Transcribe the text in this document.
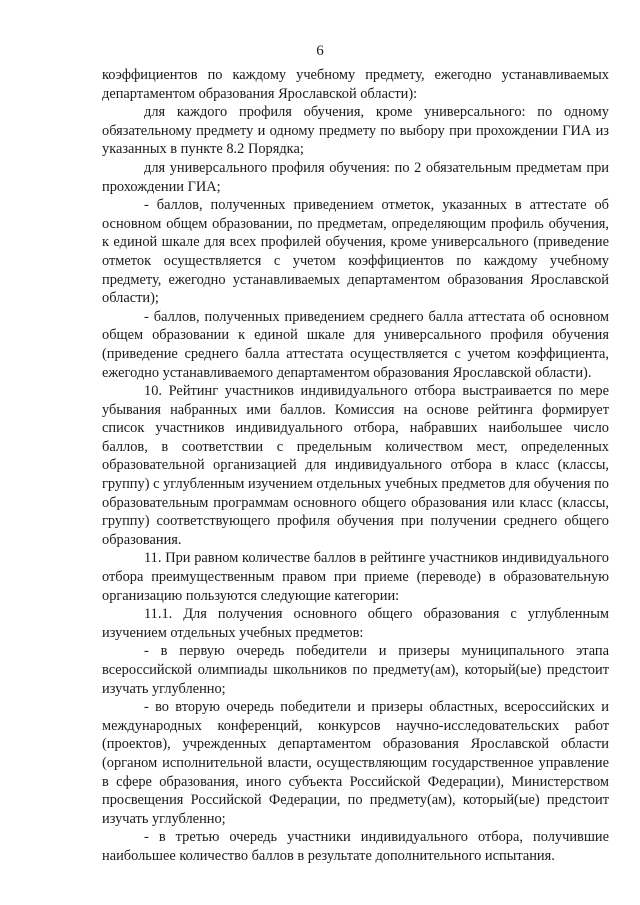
6

коэффициентов по каждому учебному предмету, ежегодно устанавливаемых департаментом образования Ярославской области):

для каждого профиля обучения, кроме универсального: по одному обязательному предмету и одному предмету по выбору при прохождении ГИА из указанных в пункте 8.2 Порядка;

для универсального профиля обучения: по 2 обязательным предметам при прохождении ГИА;

- баллов, полученных приведением отметок, указанных в аттестате об основном общем образовании, по предметам, определяющим профиль обучения, к единой шкале для всех профилей обучения, кроме универсального (приведение отметок осуществляется с учетом коэффициентов по каждому учебному предмету, ежегодно устанавливаемых департаментом образования Ярославской области);

- баллов, полученных приведением среднего балла аттестата об основном общем образовании к единой шкале для универсального профиля обучения (приведение среднего балла аттестата осуществляется с учетом коэффициента, ежегодно устанавливаемого департаментом образования Ярославской области).

10. Рейтинг участников индивидуального отбора выстраивается по мере убывания набранных ими баллов. Комиссия на основе рейтинга формирует список участников индивидуального отбора, набравших наибольшее число баллов, в соответствии с предельным количеством мест, определенных образовательной организацией для индивидуального отбора в класс (классы, группу) с углубленным изучением отдельных учебных предметов для обучения по образовательным программам основного общего образования или класс (классы, группу) соответствующего профиля обучения при получении среднего общего образования.

11. При равном количестве баллов в рейтинге участников индивидуального отбора преимущественным правом при приеме (переводе) в образовательную организацию пользуются следующие категории:

11.1. Для получения основного общего образования с углубленным изучением отдельных учебных предметов:

- в первую очередь победители и призеры муниципального этапа всероссийской олимпиады школьников по предмету(ам), который(ые) предстоит изучать углубленно;

- во вторую очередь победители и призеры областных, всероссийских и международных конференций, конкурсов научно-исследовательских работ (проектов), учрежденных департаментом образования Ярославской области (органом исполнительной власти, осуществляющим государственное управление в сфере образования, иного субъекта Российской Федерации), Министерством просвещения Российской Федерации, по предмету(ам), который(ые) предстоит изучать углубленно;

- в третью очередь участники индивидуального отбора, получившие наибольшее количество баллов в результате дополнительного испытания.
